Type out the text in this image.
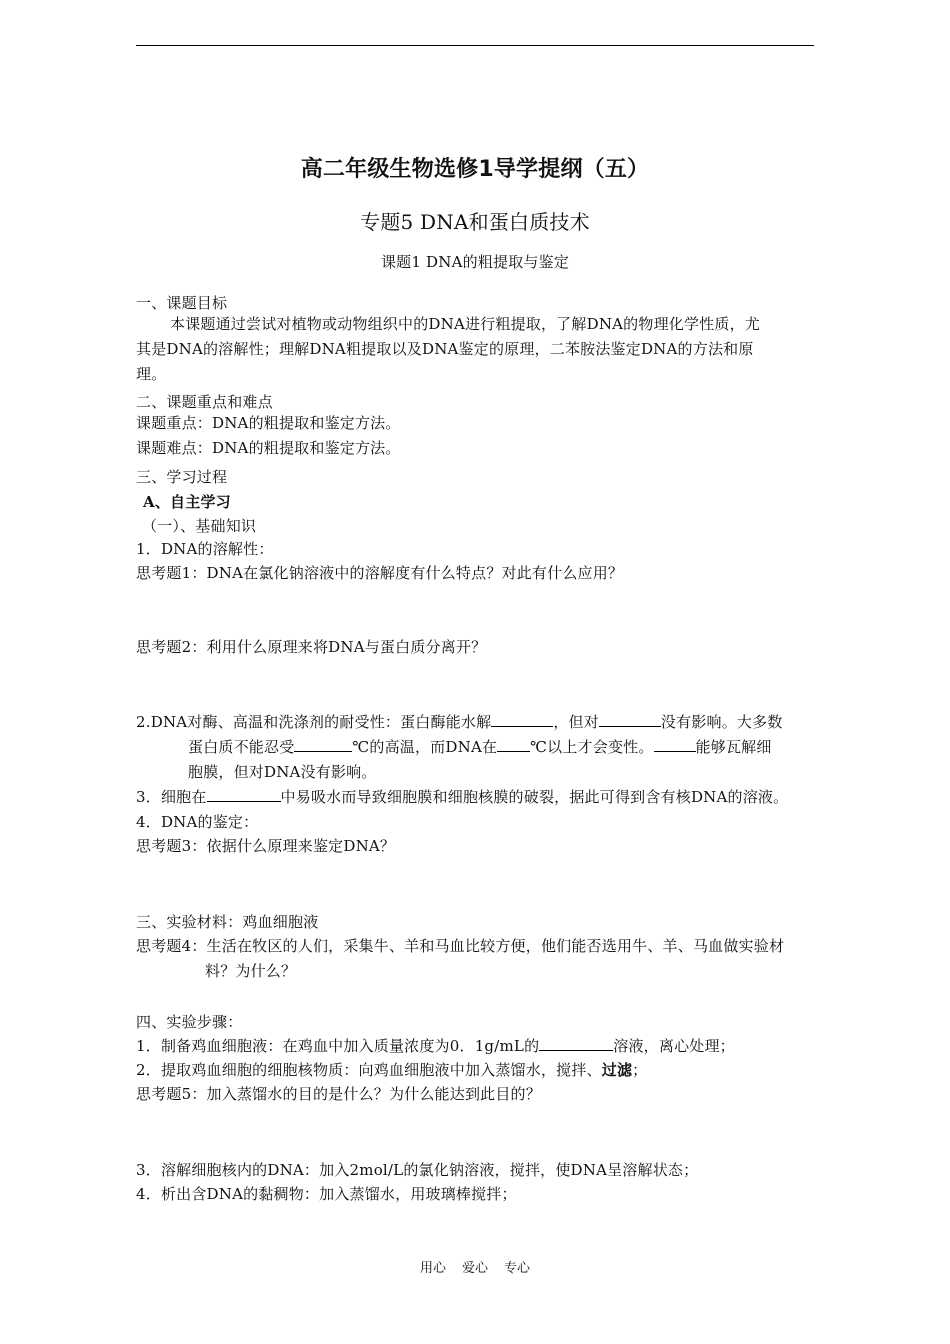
高二年级生物选修1导学提纲（五）
专题5 DNA和蛋白质技术
课题1 DNA的粗提取与鉴定
一、课题目标
本课题通过尝试对植物或动物组织中的DNA进行粗提取，了解DNA的物理化学性质，尤
其是DNA的溶解性；理解DNA粗提取以及DNA鉴定的原理，二苯胺法鉴定DNA的方法和原
理。
二、课题重点和难点
课题重点：DNA的粗提取和鉴定方法。
课题难点：DNA的粗提取和鉴定方法。
三、学习过程
A、自主学习
（一）、基础知识
1．DNA的溶解性：
思考题1：DNA在氯化钠溶液中的溶解度有什么特点？对此有什么应用？
思考题2：利用什么原理来将DNA与蛋白质分离开？
2.DNA对酶、高温和洗涤剂的耐受性：蛋白酶能水解	，但对	没有影响。大多数
蛋白质不能忍受	℃的高温，而DNA在 ℃以上才会变性。	能够瓦解细
胞膜，但对DNA没有影响。
3．细胞在	中易吸水而导致细胞膜和细胞核膜的破裂，据此可得到含有核DNA的溶液。
4．DNA的鉴定：
思考题3：依据什么原理来鉴定DNA？
三、实验材料：鸡血细胞液
思考题4：生活在牧区的人们，采集牛、羊和马血比较方便，他们能否选用牛、羊、马血做实验材
料？为什么？
四、实验步骤：
1．制备鸡血细胞液：在鸡血中加入质量浓度为0．1g/mL的	溶液，离心处理；
2．提取鸡血细胞的细胞核物质：向鸡血细胞液中加入蒸馏水，搅拌、过滤；
思考题5：加入蒸馏水的目的是什么？为什么能达到此目的？
3．溶解细胞核内的DNA：加入2mol/L的氯化钠溶液，搅拌，使DNA呈溶解状态；
4．析出含DNA的黏稠物：加入蒸馏水，用玻璃棒搅拌；
用心 爱心 专心
